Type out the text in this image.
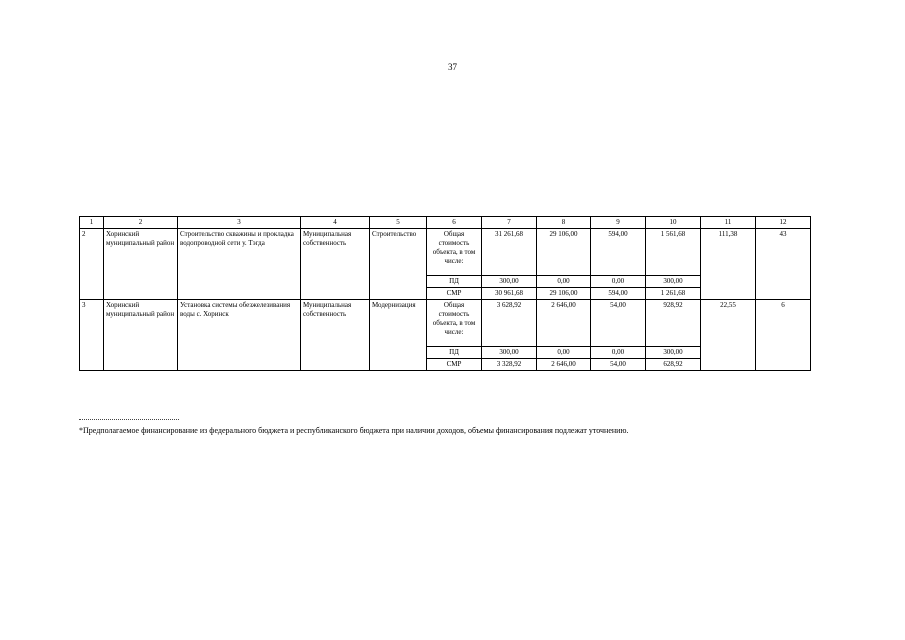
37
1	2	3	4	5	6	7	8	9	10	11	12
2	Хоринский муниципальный район	Строительство скважины и прокладка водопроводной сети у. Тэгда	Муниципальная собственность	Строительство	Общая стоимость объекта, в том числе:	31 261,68	29 106,00	594,00	1 561,68	111,38	43
					ПД	300,00	0,00	0,00	300,00		
					СМР	30 961,68	29 106,00	594,00	1 261,68		
3	Хоринский муниципальный район	Установка системы обезжелезивания воды с. Хоринск	Муниципальная собственность	Модернизация	Общая стоимость объекта, в том числе:	3 628,92	2 646,00	54,00	928,92	22,55	6
					ПД	300,00	0,00	0,00	300,00		
					СМР	3 328,92	2 646,00	54,00	628,92		
*Предполагаемое финансирование из федерального бюджета и республиканского бюджета при наличии доходов, объемы финансирования подлежат уточнению.
